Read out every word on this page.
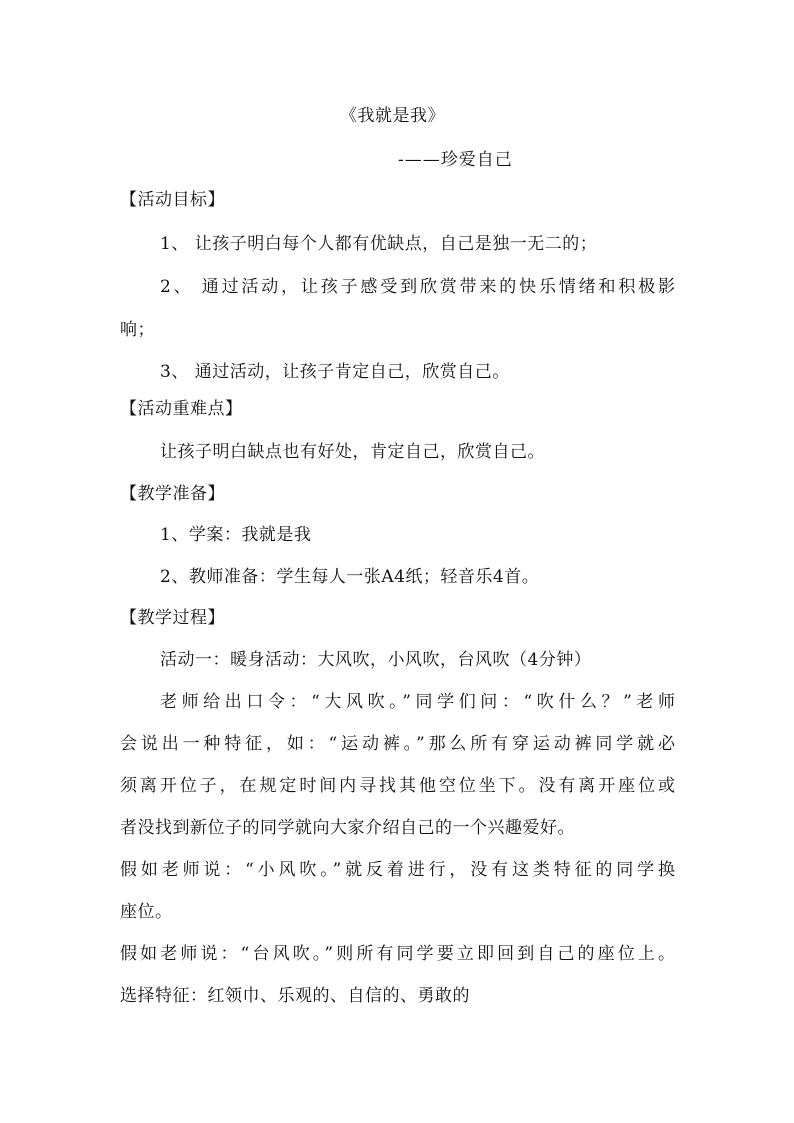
《我就是我》
-——珍爱自己
【活动目标】
1、 让孩子明白每个人都有优缺点，自己是独一无二的；
2、 通过活动，让孩子感受到欣赏带来的快乐情绪和积极影
响；
3、 通过活动，让孩子肯定自己，欣赏自己。
【活动重难点】
让孩子明白缺点也有好处，肯定自己，欣赏自己。
【教学准备】
1、学案：我就是我
2、教师准备：学生每人一张A4纸；轻音乐4首。
【教学过程】
活动一：暖身活动：大风吹，小风吹，台风吹（4分钟）
老师给出口令：“大风吹。”同学们问：“吹什么？”老师
会说出一种特征，如：“运动裤。”那么所有穿运动裤同学就必
须离开位子，在规定时间内寻找其他空位坐下。没有离开座位或
者没找到新位子的同学就向大家介绍自己的一个兴趣爱好。
假如老师说：“小风吹。”就反着进行，没有这类特征的同学换
座位。
假如老师说：“台风吹。”则所有同学要立即回到自己的座位上。
选择特征：红领巾、乐观的、自信的、勇敢的
